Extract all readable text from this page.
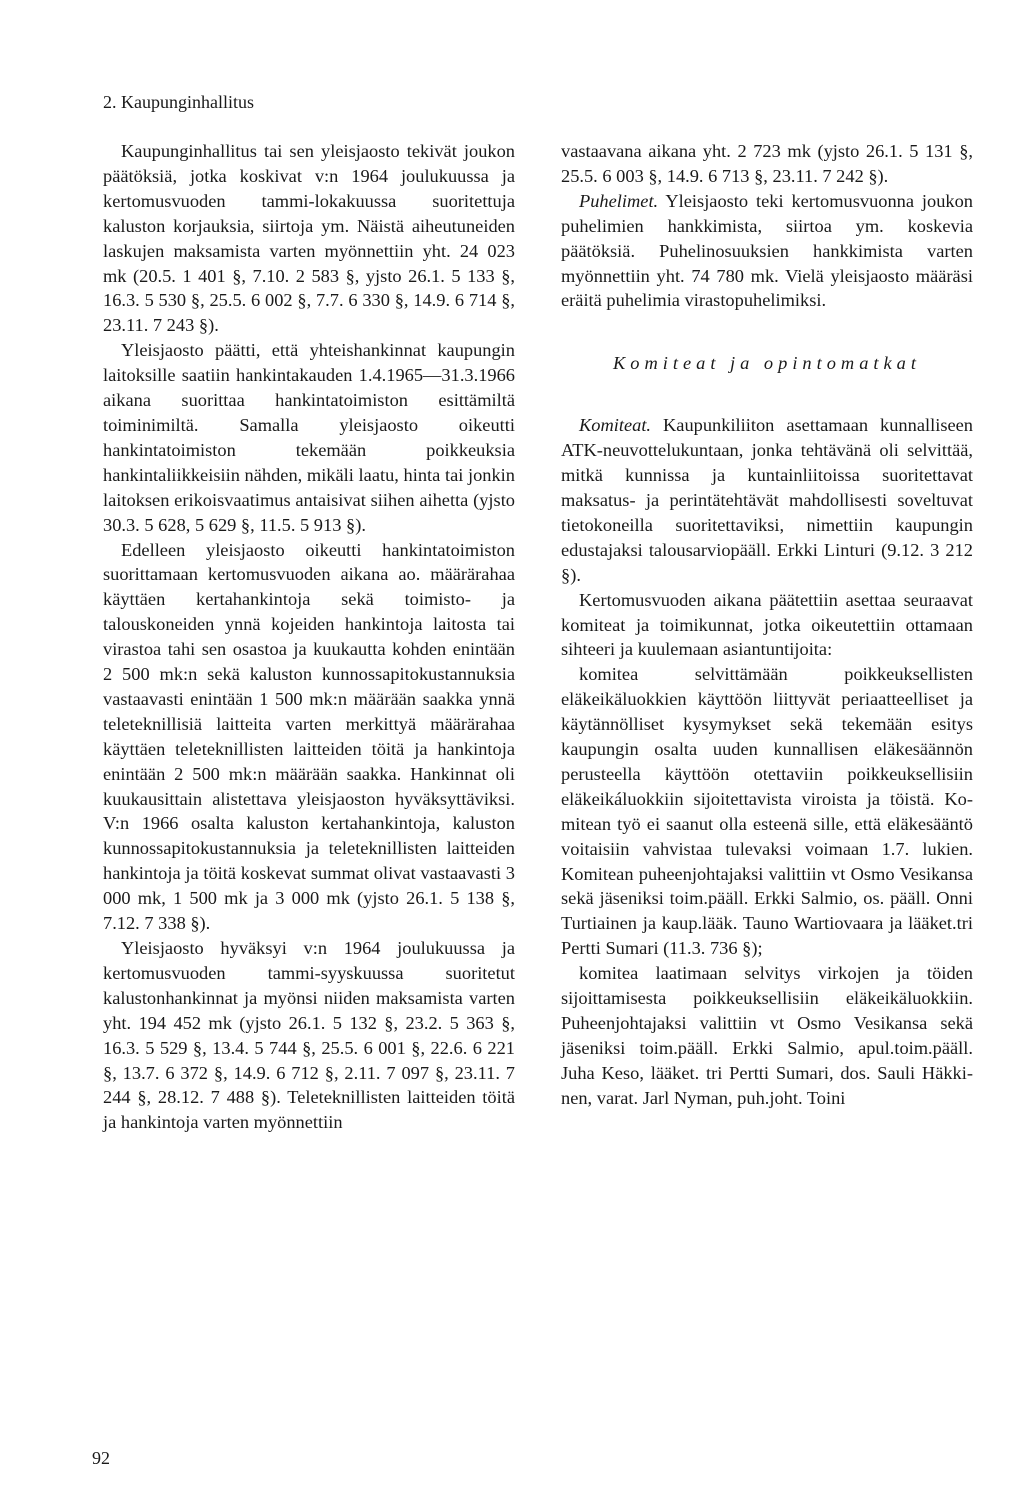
2. Kaupunginhallitus

Kaupunginhallitus tai sen yleisjaosto tekivät joukon päätöksiä, jotka koskivat v:n 1964 joulukuussa ja kertomusvuoden tammi-lokakuussa suoritettuja kaluston korjauksia, siirtoja ym. Näistä aiheutuneiden laskujen maksamista varten myönnettiin yht. 24 023 mk (20.5. 1 401 §, 7.10. 2 583 §, yjsto 26.1. 5 133 §, 16.3. 5 530 §, 25.5. 6 002 §, 7.7. 6 330 §, 14.9. 6 714 §, 23.11. 7 243 §).

Yleisjaosto päätti, että yhteishankinnat kaupungin laitoksille saatiin hankintakauden 1.4.1965—31.3.1966 aikana suorittaa hankintatoimiston esittämiltä toiminimiltä. Samalla yleisjaosto oikeutti hankintatoimiston tekemään poikkeuksia hankintaliikkeisiin nähden, mikäli laatu, hinta tai jonkin laitoksen erikoisvaatimus antaisivat siihen aihetta (yjsto 30.3. 5 628, 5 629 §, 11.5. 5 913 §).

Edelleen yleisjaosto oikeutti hankintatoimiston suorittamaan kertomusvuoden aikana ao. määrärahaa käyttäen kertahankintoja sekä toimisto- ja talouskoneiden ynnä kojeiden hankintoja laitosta tai virastoa tahi sen osastoa ja kuukautta kohden enintään 2 500 mk:n sekä kaluston kunnossapitokustannuksia vastaavasti enintään 1 500 mk:n määrään saakka ynnä teleteknillisiä laitteita varten merkittyä määrärahaa käyttäen teleteknillisten laitteiden töitä ja hankintoja enintään 2 500 mk:n määrään saakka. Hankinnat oli kuukausittain alistettava yleisjaoston hyväksyttäviksi. V:n 1966 osalta kaluston kertahankintoja, kaluston kunnossapitokustannuksia ja teleteknillisten laitteiden hankintoja ja töitä koskevat summat olivat vastaavasti 3 000 mk, 1 500 mk ja 3 000 mk (yjsto 26.1. 5 138 §, 7.12. 7 338 §).

Yleisjaosto hyväksyi v:n 1964 joulukuussa ja kertomusvuoden tammi-syyskuussa suoritetut kalustonhankinnat ja myönsi niiden maksamista varten yht. 194 452 mk (yjsto 26.1. 5 132 §, 23.2. 5 363 §, 16.3. 5 529 §, 13.4. 5 744 §, 25.5. 6 001 §, 22.6. 6 221 §, 13.7. 6 372 §, 14.9. 6 712 §, 2.11. 7 097 §, 23.11. 7 244 §, 28.12. 7 488 §). Teleteknillisten laitteiden töitä ja hankintoja varten myönnettiin

vastaavana aikana yht. 2 723 mk (yjsto 26.1. 5 131 §, 25.5. 6 003 §, 14.9. 6 713 §, 23.11. 7 242 §).

Puhelimet. Yleisjaosto teki kertomusvuonna joukon puhelimien hankkimista, siirtoa ym. koskevia päätöksiä. Puhelinosuuksien hankkimista varten myönnettiin yht. 74 780 mk. Vielä yleisjaosto määräsi eräitä puhelimia virastopuhelimiksi.

Komiteat ja opintomatkat

Komiteat. Kaupunkiliiton asettamaan kunnalliseen ATK-neuvottelukuntaan, jonka tehtävänä oli selvittää, mitkä kunnissa ja kuntainliitoissa suoritettavat maksatus- ja perintätehtävät mahdollisesti soveltuvat tietokoneilla suoritettaviksi, nimettiin kaupungin edustajaksi talousarviopääll. Erkki Linturi (9.12. 3 212 §).

Kertomusvuoden aikana päätettiin asettaa seuraavat komiteat ja toimikunnat, jotka oikeutettiin ottamaan sihteeri ja kuulemaan asiantuntijoita:

komitea selvittämään poikkeuksellisten eläkeikäluokkien käyttöön liittyvät periaatteelliset ja käytännölliset kysymykset sekä tekemään esitys kaupungin osalta uuden kunnallisen eläkesäännön perusteella käyttöön otettaviin poikkeuksellisiin eläkeikáluokkiin sijoitettavista viroista ja töistä. Komitean työ ei saanut olla esteenä sille, että eläkesääntö voitaisiin vahvistaa tulevaksi voimaan 1.7. lukien. Komitean puheenjohtajaksi valittiin vt Osmo Vesikansa sekä jäseniksi toim.pääll. Erkki Salmio, os. pääll. Onni Turtiainen ja kaup.lääk. Tauno Wartiovaara ja lääket.tri Pertti Sumari (11.3. 736 §);

komitea laatimaan selvitys virkojen ja töiden sijoittamisesta poikkeuksellisiin eläkeikäluokkiin. Puheenjohtajaksi valittiin vt Osmo Vesikansa sekä jäseniksi toim.pääll. Erkki Salmio, apul.toim.pääll. Juha Keso, lääket. tri Pertti Sumari, dos. Sauli Häkkinen, varat. Jarl Nyman, puh.joht. Toini

92
